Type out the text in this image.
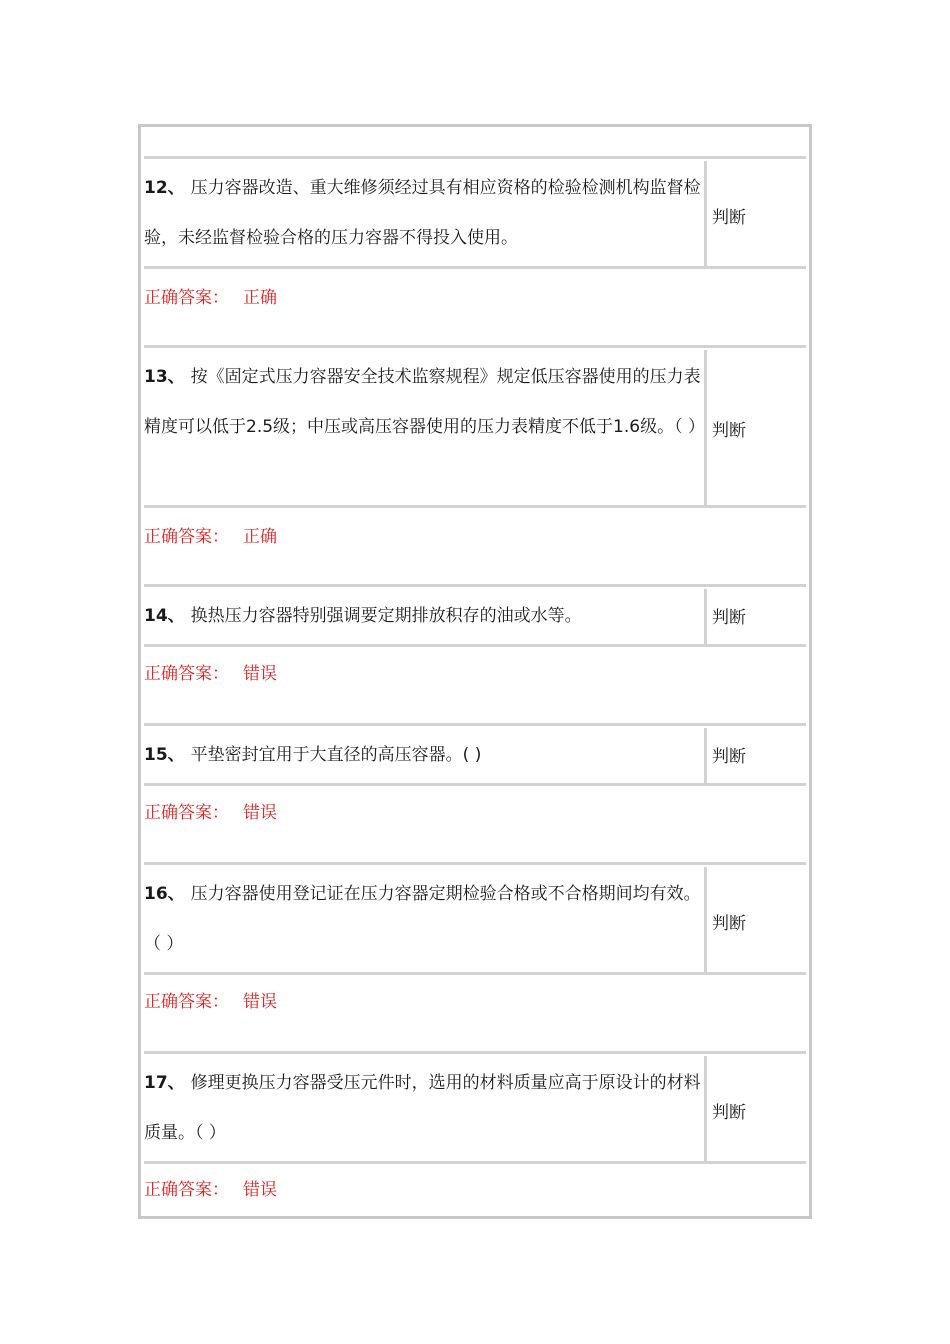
12、 压力容器改造、重大维修须经过具有相应资格的检验检测机构监督检验，未经监督检验合格的压力容器不得投入使用。

判断
正确答案： 正确

13、 按《固定式压力容器安全技术监察规程》规定低压容器使用的压力表精度可以低于2.5级；中压或高压容器使用的压力表精度不低于1.6级。（ ） 判断
正确答案： 正确

14、 换热压力容器特别强调要定期排放积存的油或水等。	判断
正确答案： 错误

15、 平垫密封宜用于大直径的高压容器。( )	判断
正确答案： 错误

16、 压力容器使用登记证在压力容器定期检验合格或不合格期间均有效。（ ）

判断
正确答案： 错误

17、 修理更换压力容器受压元件时，选用的材料质量应高于原设计的材料质量。（ ）

判断
正确答案： 错误
